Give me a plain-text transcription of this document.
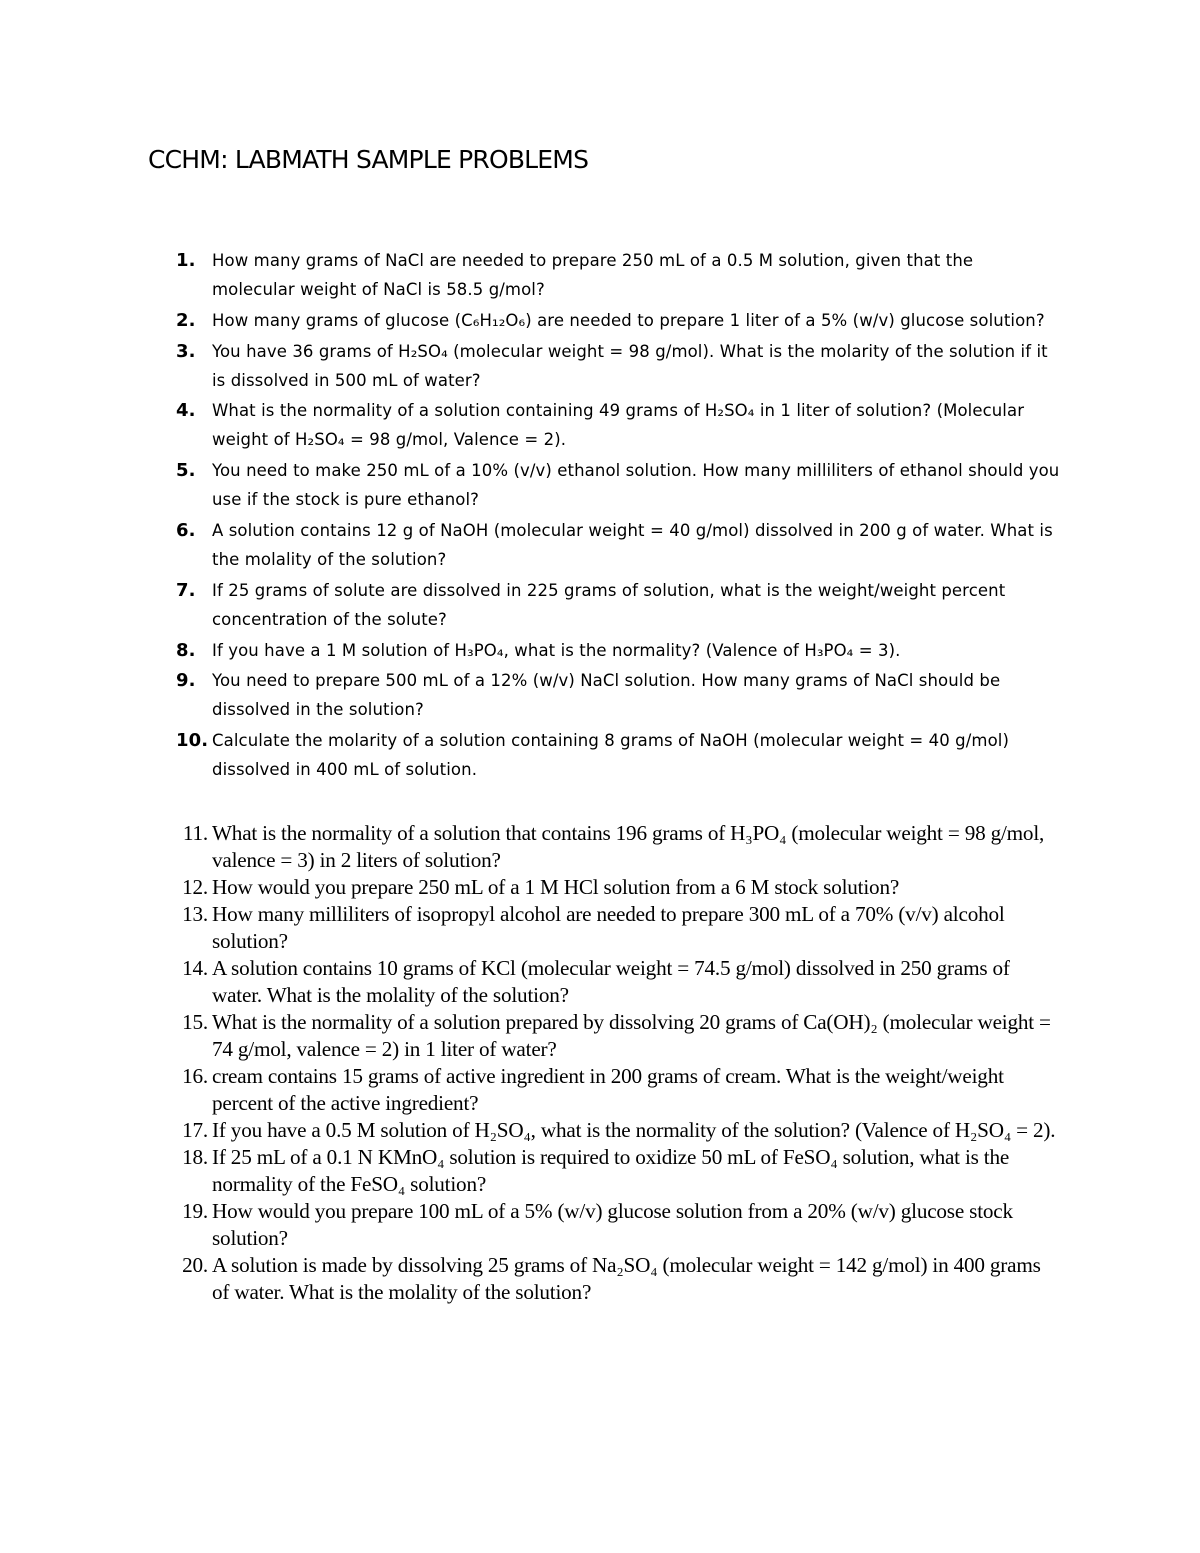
CCHM: LABMATH SAMPLE PROBLEMS
1. How many grams of NaCl are needed to prepare 250 mL of a 0.5 M solution, given that the molecular weight of NaCl is 58.5 g/mol?
2. How many grams of glucose (C₆H₁₂O₆) are needed to prepare 1 liter of a 5% (w/v) glucose solution?
3. You have 36 grams of H₂SO₄ (molecular weight = 98 g/mol). What is the molarity of the solution if it is dissolved in 500 mL of water?
4. What is the normality of a solution containing 49 grams of H₂SO₄ in 1 liter of solution? (Molecular weight of H₂SO₄ = 98 g/mol, Valence = 2).
5. You need to make 250 mL of a 10% (v/v) ethanol solution. How many milliliters of ethanol should you use if the stock is pure ethanol?
6. A solution contains 12 g of NaOH (molecular weight = 40 g/mol) dissolved in 200 g of water. What is the molality of the solution?
7. If 25 grams of solute are dissolved in 225 grams of solution, what is the weight/weight percent concentration of the solute?
8. If you have a 1 M solution of H₃PO₄, what is the normality? (Valence of H₃PO₄ = 3).
9. You need to prepare 500 mL of a 12% (w/v) NaCl solution. How many grams of NaCl should be dissolved in the solution?
10. Calculate the molarity of a solution containing 8 grams of NaOH (molecular weight = 40 g/mol) dissolved in 400 mL of solution.
11. What is the normality of a solution that contains 196 grams of H₃PO₄ (molecular weight = 98 g/mol, valence = 3) in 2 liters of solution?
12. How would you prepare 250 mL of a 1 M HCl solution from a 6 M stock solution?
13. How many milliliters of isopropyl alcohol are needed to prepare 300 mL of a 70% (v/v) alcohol solution?
14. A solution contains 10 grams of KCl (molecular weight = 74.5 g/mol) dissolved in 250 grams of water. What is the molality of the solution?
15. What is the normality of a solution prepared by dissolving 20 grams of Ca(OH)₂ (molecular weight = 74 g/mol, valence = 2) in 1 liter of water?
16. cream contains 15 grams of active ingredient in 200 grams of cream. What is the weight/weight percent of the active ingredient?
17. If you have a 0.5 M solution of H₂SO₄, what is the normality of the solution? (Valence of H₂SO₄ = 2).
18. If 25 mL of a 0.1 N KMnO₄ solution is required to oxidize 50 mL of FeSO₄ solution, what is the normality of the FeSO₄ solution?
19. How would you prepare 100 mL of a 5% (w/v) glucose solution from a 20% (w/v) glucose stock solution?
20. A solution is made by dissolving 25 grams of Na₂SO₄ (molecular weight = 142 g/mol) in 400 grams of water. What is the molality of the solution?
